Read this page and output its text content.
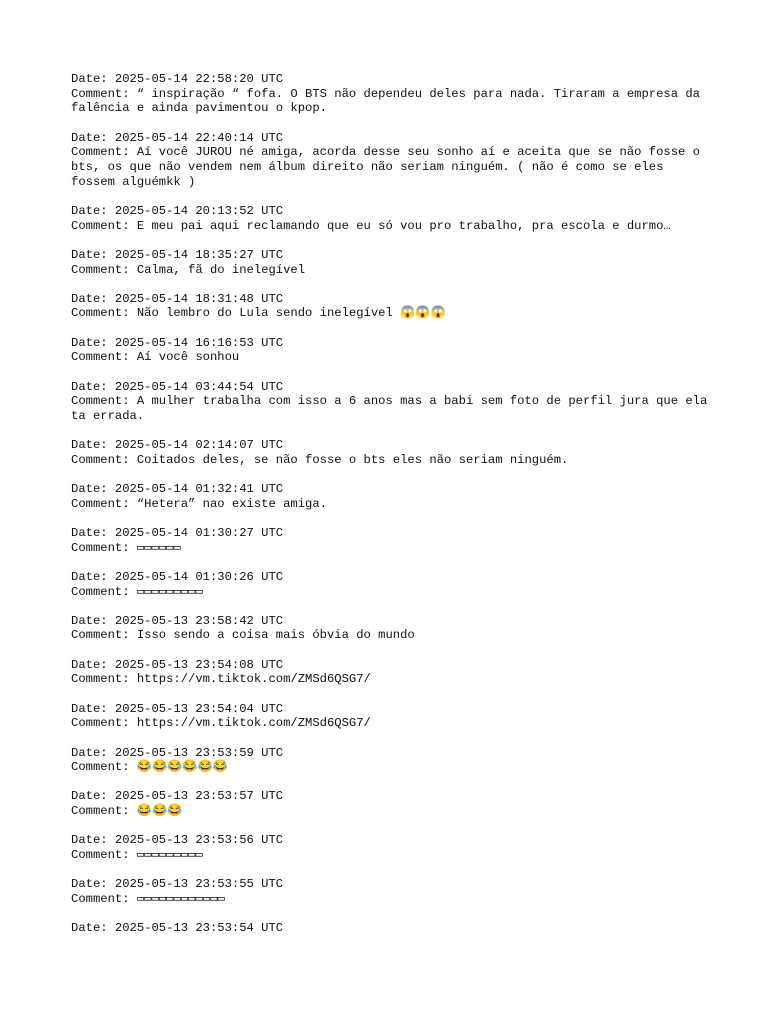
Date: 2025-05-14 22:58:20 UTC
Comment: “ inspiração “ fofa. O BTS não dependeu deles para nada. Tiraram a empresa da falência e ainda pavimentou o kpop.
Date: 2025-05-14 22:40:14 UTC
Comment: Aí você JUROU né amiga, acorda desse seu sonho aí e aceita que se não fosse o bts, os que não vendem nem álbum direito não seriam ninguém. ( não é como se eles fossem alguémkk )
Date: 2025-05-14 20:13:52 UTC
Comment: E meu pai aqui reclamando que eu só vou pro trabalho, pra escola e durmo…
Date: 2025-05-14 18:35:27 UTC
Comment: Calma, fã do inelegível
Date: 2025-05-14 18:31:48 UTC
Comment: Não lembro do Lula sendo inelegível 😱😱😱
Date: 2025-05-14 16:16:53 UTC
Comment: Aí você sonhou
Date: 2025-05-14 03:44:54 UTC
Comment: A mulher trabalha com isso a 6 anos mas a babi sem foto de perfil jura que ela ta errada.
Date: 2025-05-14 02:14:07 UTC
Comment: Coitados deles, se não fosse o bts eles não seriam ninguém.
Date: 2025-05-14 01:32:41 UTC
Comment: “Hetera” nao existe amiga.
Date: 2025-05-14 01:30:27 UTC
Comment: ▭▭▭▭▭▭
Date: 2025-05-14 01:30:26 UTC
Comment: ▭▭▭▭▭▭▭▭▭
Date: 2025-05-13 23:58:42 UTC
Comment: Isso sendo a coisa mais óbvia do mundo
Date: 2025-05-13 23:54:08 UTC
Comment: https://vm.tiktok.com/ZMSd6QSG7/
Date: 2025-05-13 23:54:04 UTC
Comment: https://vm.tiktok.com/ZMSd6QSG7/
Date: 2025-05-13 23:53:59 UTC
Comment: 😂😂😂😂😂😂
Date: 2025-05-13 23:53:57 UTC
Comment: 😂😂😂
Date: 2025-05-13 23:53:56 UTC
Comment: ▭▭▭▭▭▭▭▭▭
Date: 2025-05-13 23:53:55 UTC
Comment: ▭▭▭▭▭▭▭▭▭▭▭▭
Date: 2025-05-13 23:53:54 UTC
